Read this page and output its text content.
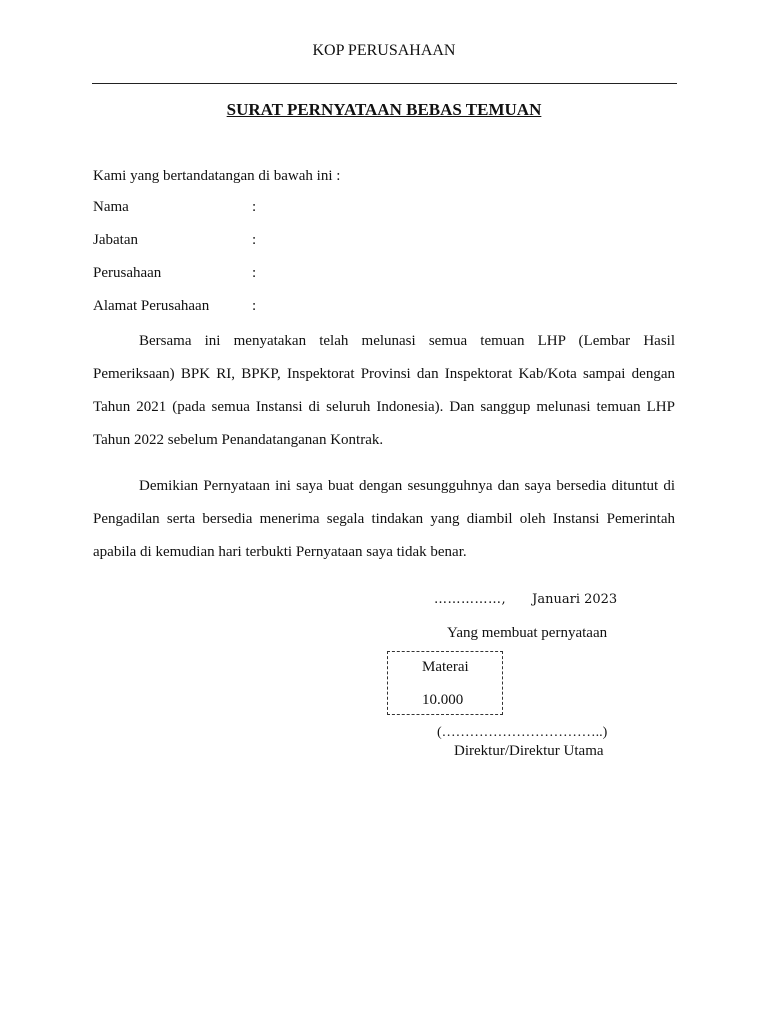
KOP PERUSAHAAN
SURAT PERNYATAAN BEBAS TEMUAN
Kami yang bertandatangan di bawah ini :
Nama	:
Jabatan	:
Perusahaan	:
Alamat Perusahaan	:
Bersama ini menyatakan telah melunasi semua temuan LHP (Lembar Hasil Pemeriksaan) BPK RI, BPKP, Inspektorat Provinsi dan Inspektorat Kab/Kota sampai dengan Tahun 2021 (pada semua Instansi di seluruh Indonesia). Dan sanggup melunasi temuan LHP Tahun 2022 sebelum Penandatanganan Kontrak.
Demikian Pernyataan ini saya buat dengan sesungguhnya dan saya bersedia dituntut di Pengadilan serta bersedia menerima segala tindakan yang diambil oleh Instansi Pemerintah apabila di kemudian hari terbukti Pernyataan saya tidak benar.
……………, Januari 2023
Yang membuat pernyataan
Materai
10.000
(……………………………..)
Direktur/Direktur Utama
